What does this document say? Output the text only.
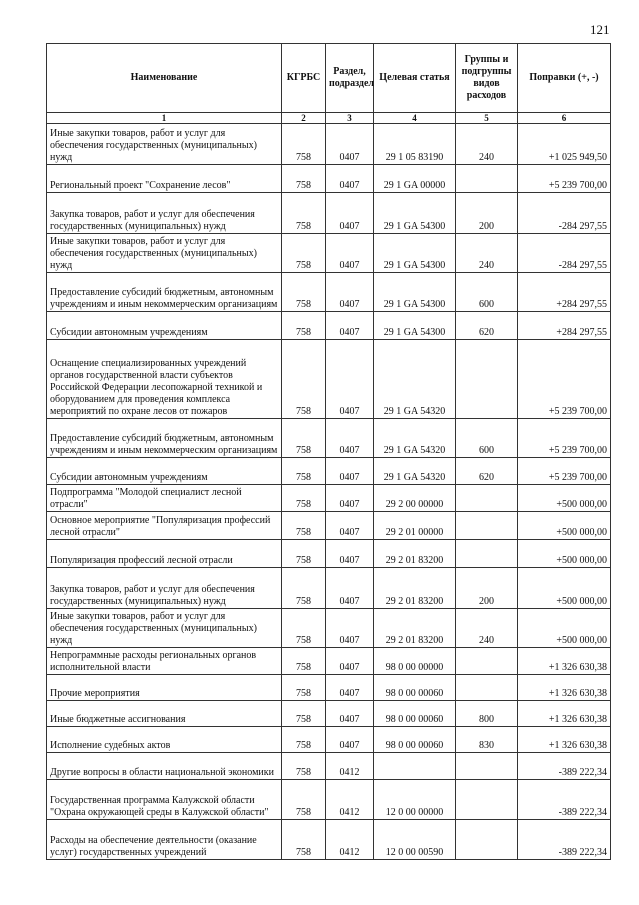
121
Наименование	КГРБС	Раздел, подраздел	Целевая статья	Группы и подгруппы видов расходов	Поправки (+, -)
1	2	3	4	5	6
Иные закупки товаров, работ и услуг для обеспечения государственных (муниципальных) нужд	758	0407	29 1 05 83190	240	+1 025 949,50
Региональный проект "Сохранение лесов"	758	0407	29 1 GA 00000		+5 239 700,00
Закупка товаров, работ и услуг для обеспечения государственных (муниципальных) нужд	758	0407	29 1 GA 54300	200	-284 297,55
Иные закупки товаров, работ и услуг для обеспечения государственных (муниципальных) нужд	758	0407	29 1 GA 54300	240	-284 297,55
Предоставление субсидий бюджетным, автономным учреждениям и иным некоммерческим организациям	758	0407	29 1 GA 54300	600	+284 297,55
Субсидии автономным учреждениям	758	0407	29 1 GA 54300	620	+284 297,55
Оснащение специализированных учреждений органов государственной власти субъектов Российской Федерации лесопожарной техникой и оборудованием для проведения комплекса мероприятий по охране лесов от пожаров	758	0407	29 1 GA 54320		+5 239 700,00
Предоставление субсидий бюджетным, автономным учреждениям и иным некоммерческим организациям	758	0407	29 1 GA 54320	600	+5 239 700,00
Субсидии автономным учреждениям	758	0407	29 1 GA 54320	620	+5 239 700,00
Подпрограмма "Молодой специалист лесной отрасли"	758	0407	29 2 00 00000		+500 000,00
Основное мероприятие "Популяризация профессий лесной отрасли"	758	0407	29 2 01 00000		+500 000,00
Популяризация профессий лесной отрасли	758	0407	29 2 01 83200		+500 000,00
Закупка товаров, работ и услуг для обеспечения государственных (муниципальных) нужд	758	0407	29 2 01 83200	200	+500 000,00
Иные закупки товаров, работ и услуг для обеспечения государственных (муниципальных) нужд	758	0407	29 2 01 83200	240	+500 000,00
Непрограммные расходы региональных органов исполнительной власти	758	0407	98 0 00 00000		+1 326 630,38
Прочие мероприятия	758	0407	98 0 00 00060		+1 326 630,38
Иные бюджетные ассигнования	758	0407	98 0 00 00060	800	+1 326 630,38
Исполнение судебных актов	758	0407	98 0 00 00060	830	+1 326 630,38
Другие вопросы в области национальной экономики	758	0412			-389 222,34
Государственная программа Калужской области "Охрана окружающей среды в Калужской области"	758	0412	12 0 00 00000		-389 222,34
Расходы на обеспечение деятельности (оказание услуг) государственных учреждений	758	0412	12 0 00 00590		-389 222,34
